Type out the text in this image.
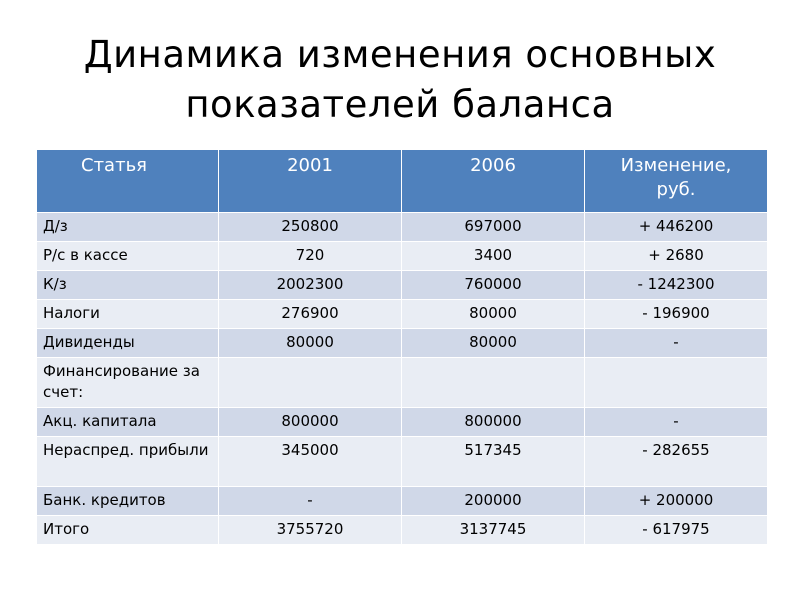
Динамика изменения основных
показателей баланса
Статья	2001	2006	Изменение,
руб.
Д/з	250800	697000	+ 446200
Р/с в кассе	720	3400	+ 2680
К/з	2002300	760000	- 1242300
Налоги	276900	80000	- 196900
Дивиденды	80000	80000	-
Финансирование за счет:			
Акц. капитала	800000	800000	-
Нераспред. прибыли	345000	517345	- 282655
Банк. кредитов	-	200000	+ 200000
Итого	3755720	3137745	- 617975
